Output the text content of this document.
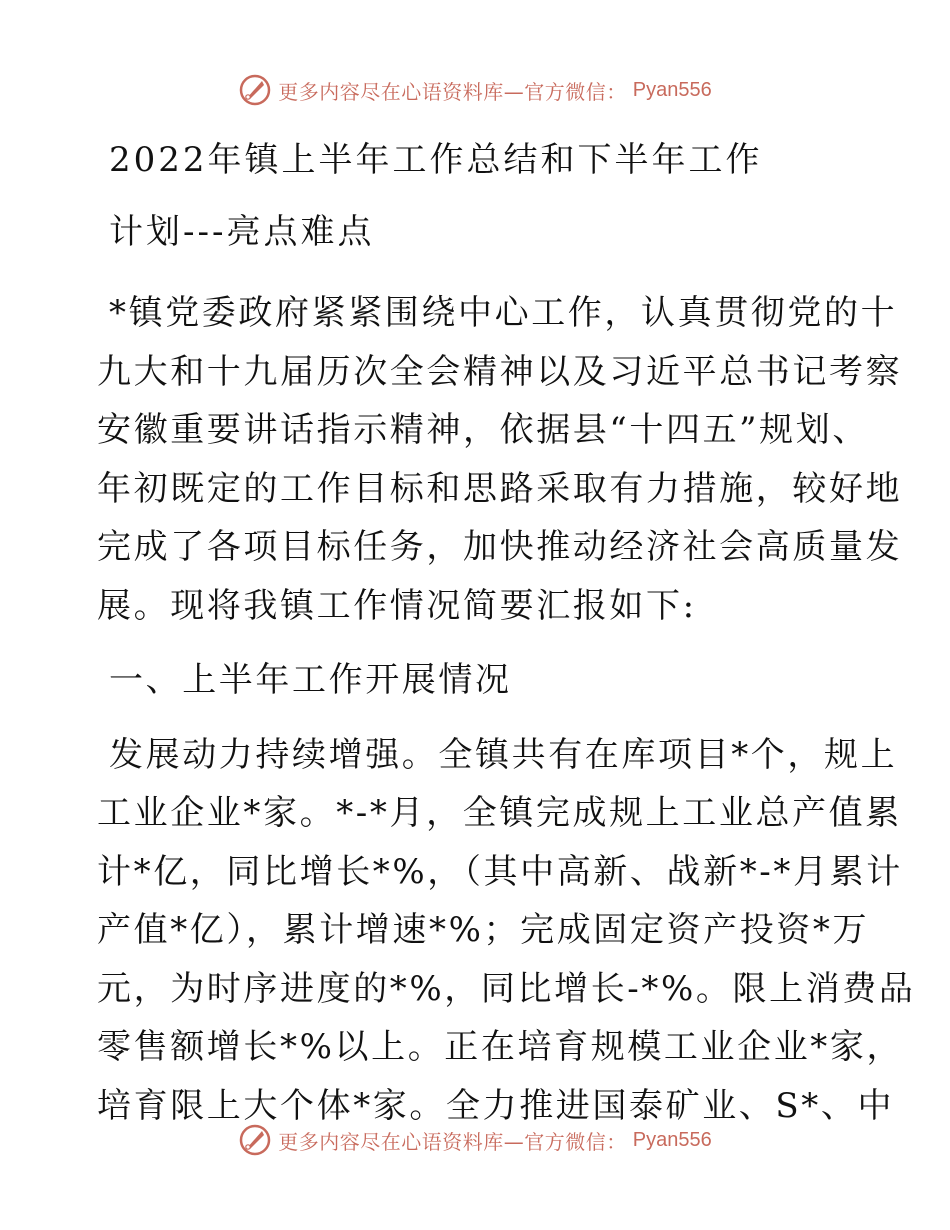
更多内容尽在心语资料库—官方微信： Pyan556
2022年镇上半年工作总结和下半年工作
计划---亮点难点
*镇党委政府紧紧围绕中心工作，认真贯彻党的十
九大和十九届历次全会精神以及习近平总书记考察
安徽重要讲话指示精神，依据县“十四五”规划、
年初既定的工作目标和思路采取有力措施，较好地
完成了各项目标任务，加快推动经济社会高质量发
展。现将我镇工作情况简要汇报如下:
一、上半年工作开展情况
发展动力持续增强。全镇共有在库项目*个，规上
工业企业*家。*-*月，全镇完成规上工业总产值累
计*亿，同比增长*%，（其中高新、战新*-*月累计
产值*亿），累计增速*%；完成固定资产投资*万
元，为时序进度的*%，同比增长-*%。限上消费品
零售额增长*%以上。正在培育规模工业企业*家，
培育限上大个体*家。全力推进国泰矿业、S*、中
更多内容尽在心语资料库—官方微信： Pyan556
